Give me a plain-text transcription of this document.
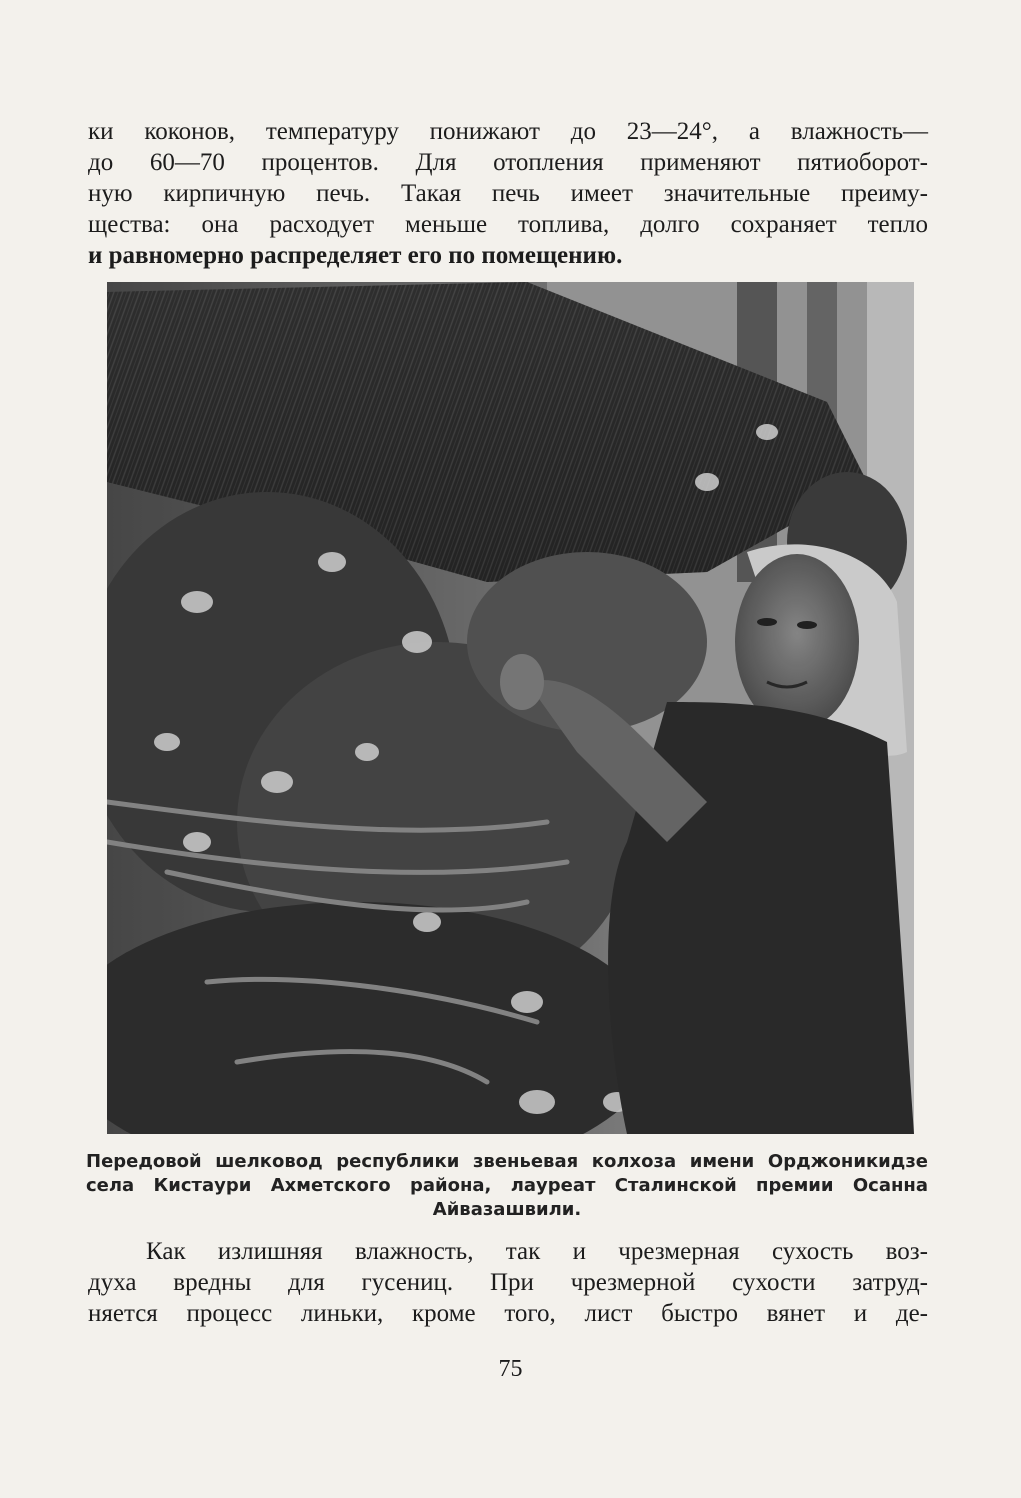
ки коконов, температуру понижают до 23—24°, а влажность—
до 60—70 процентов. Для отопления применяют пятиоборот-
ную кирпичную печь. Такая печь имеет значительные преиму-
щества: она расходует меньше топлива, долго сохраняет тепло
и равномерно распределяет его по помещению.
Передовой шелковод республики звеньевая колхоза имени Орджоникидзе
села Кистаури Ахметского района, лауреат Сталинской премии Осанна
Айвазашвили.
Как излишняя влажность, так и чрезмерная сухость воз-
духа вредны для гусениц. При чрезмерной сухости затруд-
няется процесс линьки, кроме того, лист быстро вянет и де-
75
